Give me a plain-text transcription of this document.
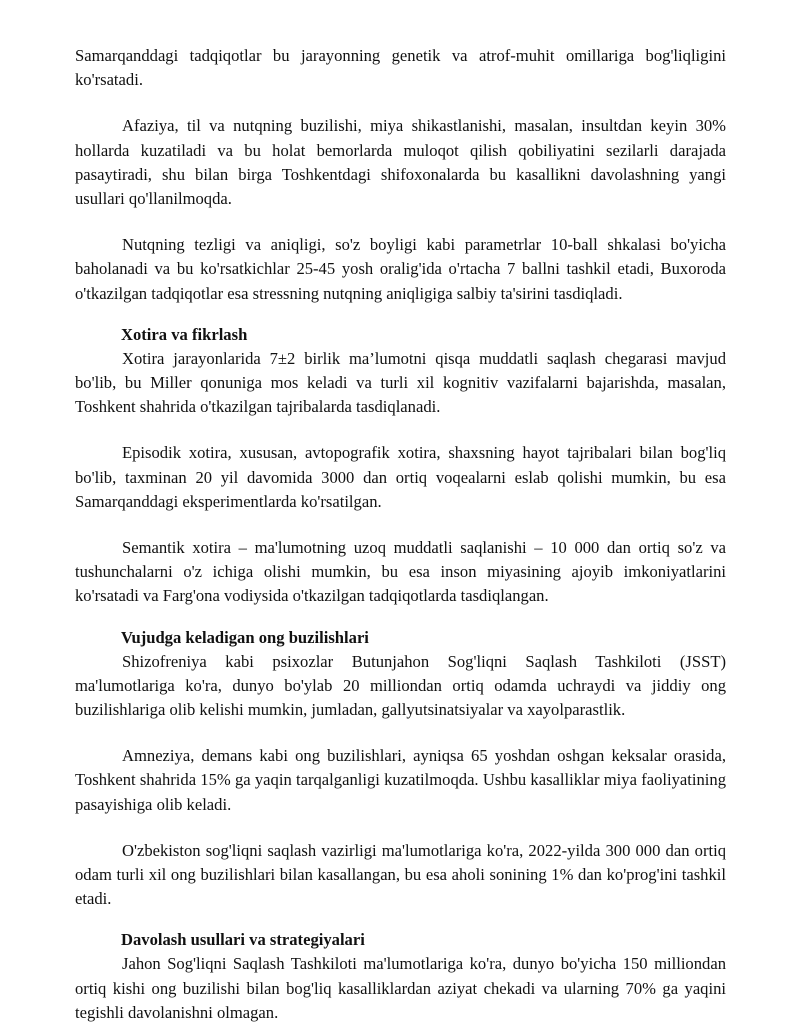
Samarqanddagi tadqiqotlar bu jarayonning genetik va atrof-muhit omillariga bog'liqligini ko'rsatadi.

Afaziya, til va nutqning buzilishi, miya shikastlanishi, masalan, insultdan keyin 30% hollarda kuzatiladi va bu holat bemorlarda muloqot qilish qobiliyatini sezilarli darajada pasaytiradi, shu bilan birga Toshkentdagi shifoxonalarda bu kasallikni davolashning yangi usullari qo'llanilmoqda.

Nutqning tezligi va aniqligi, so'z boyligi kabi parametrlar 10-ball shkalasi bo'yicha baholanadi va bu ko'rsatkichlar 25-45 yosh oralig'ida o'rtacha 7 ballni tashkil etadi, Buxoroda o'tkazilgan tadqiqotlar esa stressning nutqning aniqligiga salbiy ta'sirini tasdiqladi.

Xotira va fikrlash

Xotira jarayonlarida 7±2 birlik ma’lumotni qisqa muddatli saqlash chegarasi mavjud bo'lib, bu Miller qonuniga mos keladi va turli xil kognitiv vazifalarni bajarishda, masalan, Toshkent shahrida o'tkazilgan tajribalarda tasdiqlanadi.

Episodik xotira, xususan, avtopografik xotira, shaxsning hayot tajribalari bilan bog'liq bo'lib, taxminan 20 yil davomida 3000 dan ortiq voqealarni eslab qolishi mumkin, bu esa Samarqanddagi eksperimentlarda ko'rsatilgan.

Semantik xotira – ma'lumotning uzoq muddatli saqlanishi – 10 000 dan ortiq so'z va tushunchalarni o'z ichiga olishi mumkin, bu esa inson miyasining ajoyib imkoniyatlarini ko'rsatadi va Farg'ona vodiysida o'tkazilgan tadqiqotlarda tasdiqlangan.

Vujudga keladigan ong buzilishlari

Shizofreniya kabi psixozlar Butunjahon Sog'liqni Saqlash Tashkiloti (JSST) ma'lumotlariga ko'ra, dunyo bo'ylab 20 milliondan ortiq odamda uchraydi va jiddiy ong buzilishlariga olib kelishi mumkin, jumladan, gallyutsinatsiyalar va xayolparastlik.

Amneziya, demans kabi ong buzilishlari, ayniqsa 65 yoshdan oshgan keksalar orasida, Toshkent shahrida 15% ga yaqin tarqalganligi kuzatilmoqda. Ushbu kasalliklar miya faoliyatining pasayishiga olib keladi.

O'zbekiston sog'liqni saqlash vazirligi ma'lumotlariga ko'ra, 2022-yilda 300 000 dan ortiq odam turli xil ong buzilishlari bilan kasallangan, bu esa aholi sonining 1% dan ko'prog'ini tashkil etadi.

Davolash usullari va strategiyalari

Jahon Sog'liqni Saqlash Tashkiloti ma'lumotlariga ko'ra, dunyo bo'yicha 150 milliondan ortiq kishi ong buzilishi bilan bog'liq kasalliklardan aziyat chekadi va ularning 70% ga yaqini tegishli davolanishni olmagan.
